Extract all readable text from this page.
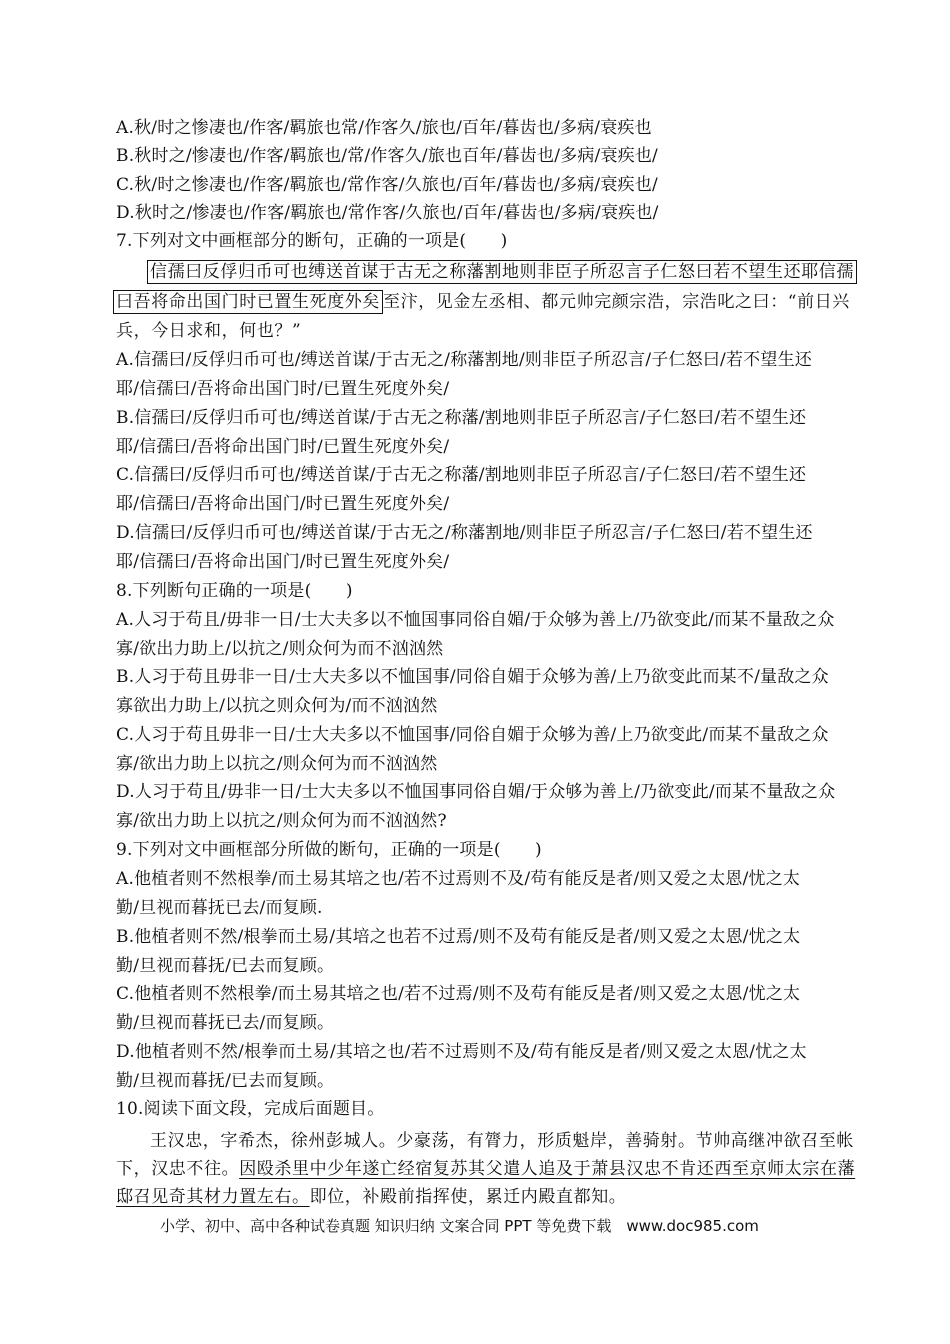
A.秋/时之惨凄也/作客/羁旅也常/作客久/旅也/百年/暮齿也/多病/衰疾也
B.秋时之/惨凄也/作客/羁旅也/常/作客久/旅也百年/暮齿也/多病/衰疾也/
C.秋/时之惨凄也/作客/羁旅也/常作客/久旅也/百年/暮齿也/多病/衰疾也/
D.秋时之/惨凄也/作客/羁旅也/常作客/久旅也/百年/暮齿也/多病/衰疾也/
7.下列对文中画框部分的断句，正确的一项是(　　)
信孺曰反俘归币可也缚送首谋于古无之称藩割地则非臣子所忍言子仁怒曰若不望生还耶信孺
曰吾将命出国门时已置生死度外矣 至汴，见金左丞相、都元帅完颜宗浩，宗浩叱之曰：“前日兴
兵，今日求和，何也？”
A.信孺曰/反俘归币可也/缚送首谋/于古无之/称藩割地/则非臣子所忍言/子仁怒曰/若不望生还
耶/信孺曰/吾将命出国门时/已置生死度外矣/
B.信孺曰/反俘归币可也/缚送首谋/于古无之称藩/割地则非臣子所忍言/子仁怒曰/若不望生还
耶/信孺曰/吾将命出国门时/已置生死度外矣/
C.信孺曰/反俘归币可也/缚送首谋/于古无之称藩/割地则非臣子所忍言/子仁怒曰/若不望生还
耶/信孺曰/吾将命出国门/时已置生死度外矣/
D.信孺曰/反俘归币可也/缚送首谋/于古无之/称藩割地/则非臣子所忍言/子仁怒曰/若不望生还
耶/信孺曰/吾将命出国门/时已置生死度外矣/
8.下列断句正确的一项是(　　)
A.人习于苟且/毋非一日/士大夫多以不恤国事同俗自媚/于众够为善上/乃欲变此/而某不量敌之众
寡/欲出力助上/以抗之/则众何为而不汹汹然
B.人习于苟且毋非一日/士大夫多以不恤国事/同俗自媚于众够为善/上乃欲变此而某不/量敌之众
寡欲出力助上/以抗之则众何为/而不汹汹然
C.人习于苟且毋非一日/士大夫多以不恤国事/同俗自媚于众够为善/上乃欲变此/而某不量敌之众
寡/欲出力助上以抗之/则众何为而不汹汹然
D.人习于苟且/毋非一日/士大夫多以不恤国事同俗自媚/于众够为善上/乃欲变此/而某不量敌之众
寡/欲出力助上以抗之/则众何为而不汹汹然?
9.下列对文中画框部分所做的断句，正确的一项是(　　)
A.他植者则不然根拳/而土易其培之也/若不过焉则不及/苟有能反是者/则又爱之太恩/忧之太
勤/旦视而暮抚已去/而复顾.
B.他植者则不然/根拳而土易/其培之也若不过焉/则不及苟有能反是者/则又爱之太恩/忧之太
勤/旦视而暮抚/已去而复顾。
C.他植者则不然根拳/而土易其培之也/若不过焉/则不及苟有能反是者/则又爱之太恩/忧之太
勤/旦视而暮抚已去/而复顾。
D.他植者则不然/根拳而土易/其培之也/若不过焉则不及/苟有能反是者/则又爱之太恩/忧之太
勤/旦视而暮抚/已去而复顾。
10.阅读下面文段，完成后面题目。
王汉忠，字希杰，徐州彭城人。少豪荡，有膂力，形质魁岸，善骑射。节帅高继冲欲召至帐
下，汉忠不往。因殴杀里中少年遂亡经宿复苏其父遣人追及于萧县汉忠不肯还西至京师太宗在藩
邸召见奇其材力置左右。即位，补殿前指挥使，累迁内殿直都知。
小学、初中、高中各种试卷真题 知识归纳 文案合同 PPT 等免费下载　www.doc985.com
